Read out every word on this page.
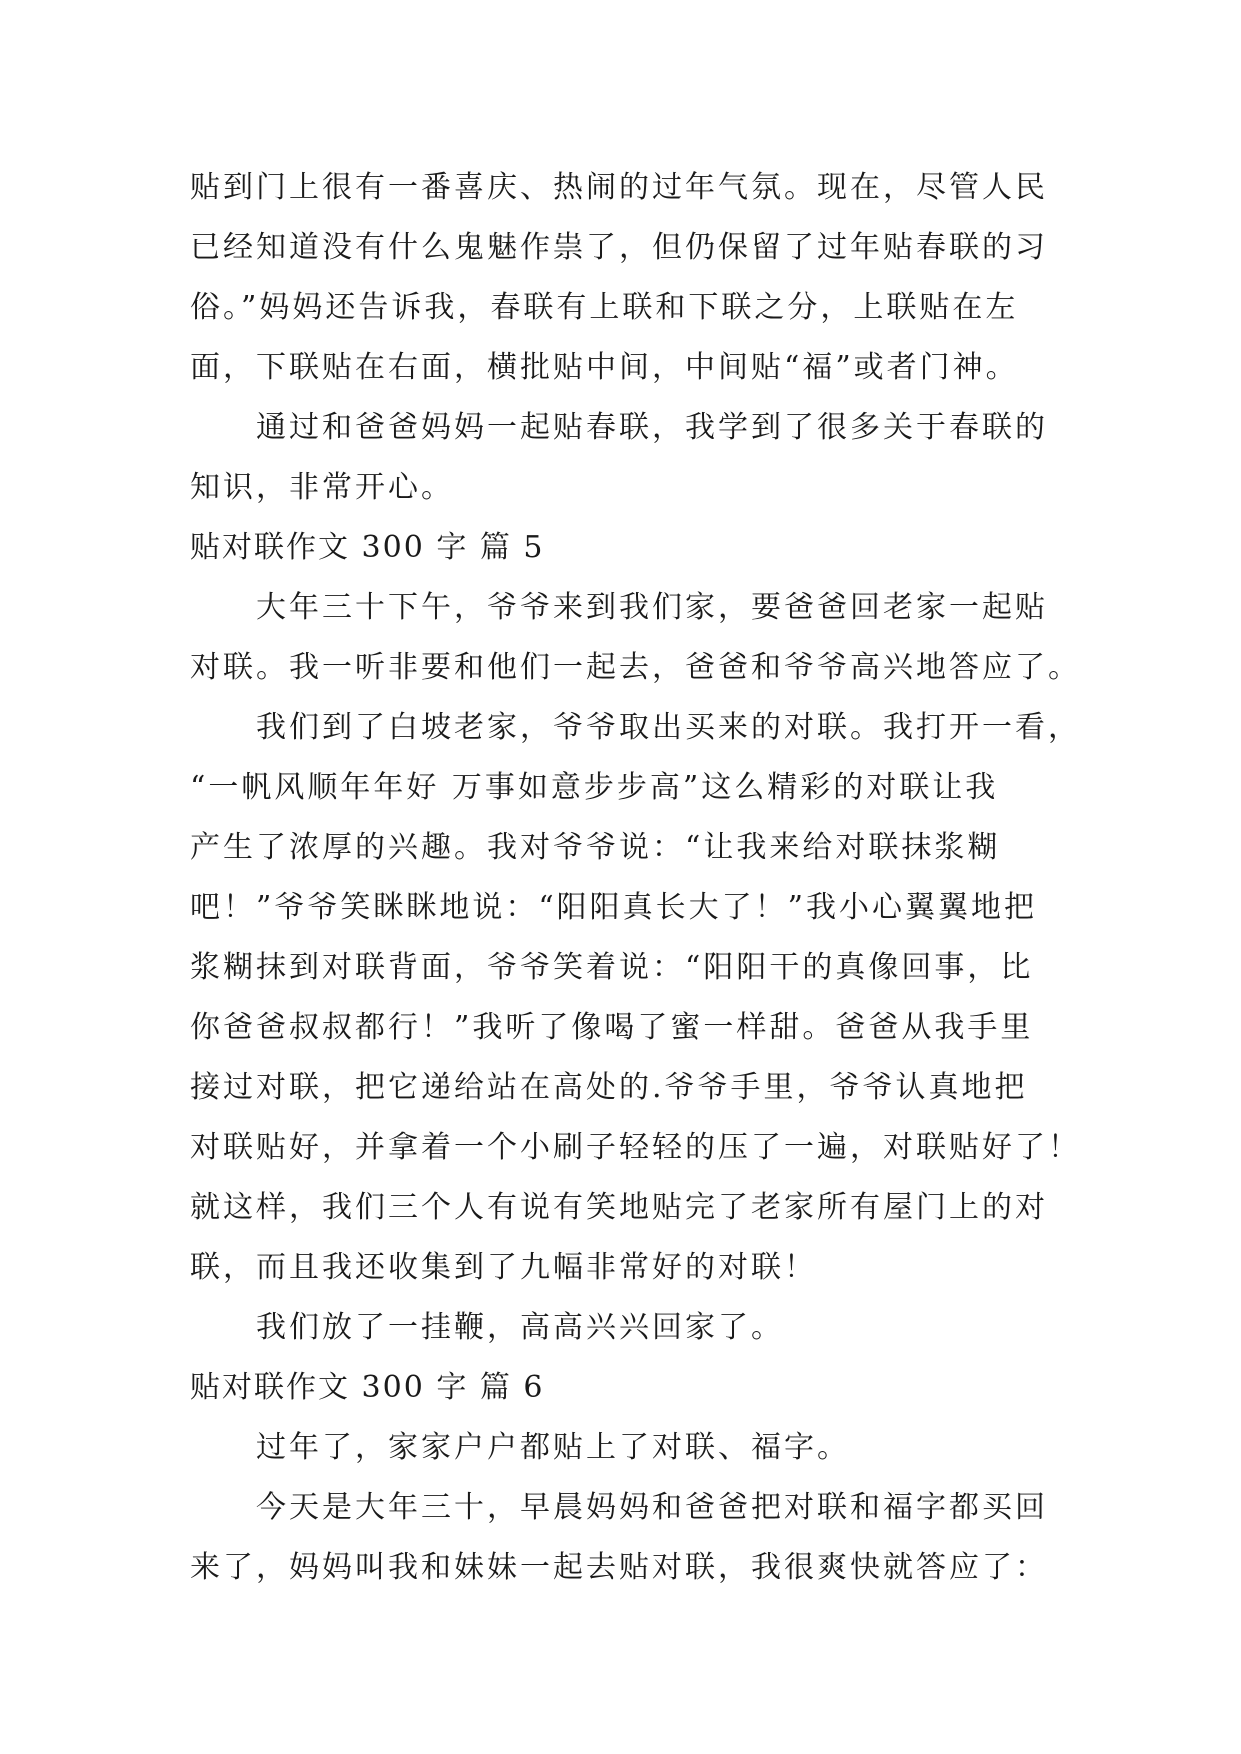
贴到门上很有一番喜庆、热闹的过年气氛。现在，尽管人民
已经知道没有什么鬼魅作祟了，但仍保留了过年贴春联的习
俗。”妈妈还告诉我，春联有上联和下联之分，上联贴在左
面，下联贴在右面，横批贴中间，中间贴“福”或者门神。
通过和爸爸妈妈一起贴春联，我学到了很多关于春联的
知识，非常开心。
贴对联作文 300 字 篇 5
大年三十下午，爷爷来到我们家，要爸爸回老家一起贴
对联。我一听非要和他们一起去，爸爸和爷爷高兴地答应了。
我们到了白坡老家，爷爷取出买来的对联。我打开一看，
“一帆风顺年年好 万事如意步步高”这么精彩的对联让我
产生了浓厚的兴趣。我对爷爷说：“让我来给对联抹浆糊
吧！”爷爷笑眯眯地说：“阳阳真长大了！”我小心翼翼地把
浆糊抹到对联背面，爷爷笑着说：“阳阳干的真像回事，比
你爸爸叔叔都行！”我听了像喝了蜜一样甜。爸爸从我手里
接过对联，把它递给站在高处的.爷爷手里，爷爷认真地把
对联贴好，并拿着一个小刷子轻轻的压了一遍，对联贴好了！
就这样，我们三个人有说有笑地贴完了老家所有屋门上的对
联，而且我还收集到了九幅非常好的对联！
我们放了一挂鞭，高高兴兴回家了。
贴对联作文 300 字 篇 6
过年了，家家户户都贴上了对联、福字。
今天是大年三十，早晨妈妈和爸爸把对联和福字都买回
来了，妈妈叫我和妹妹一起去贴对联，我很爽快就答应了：
